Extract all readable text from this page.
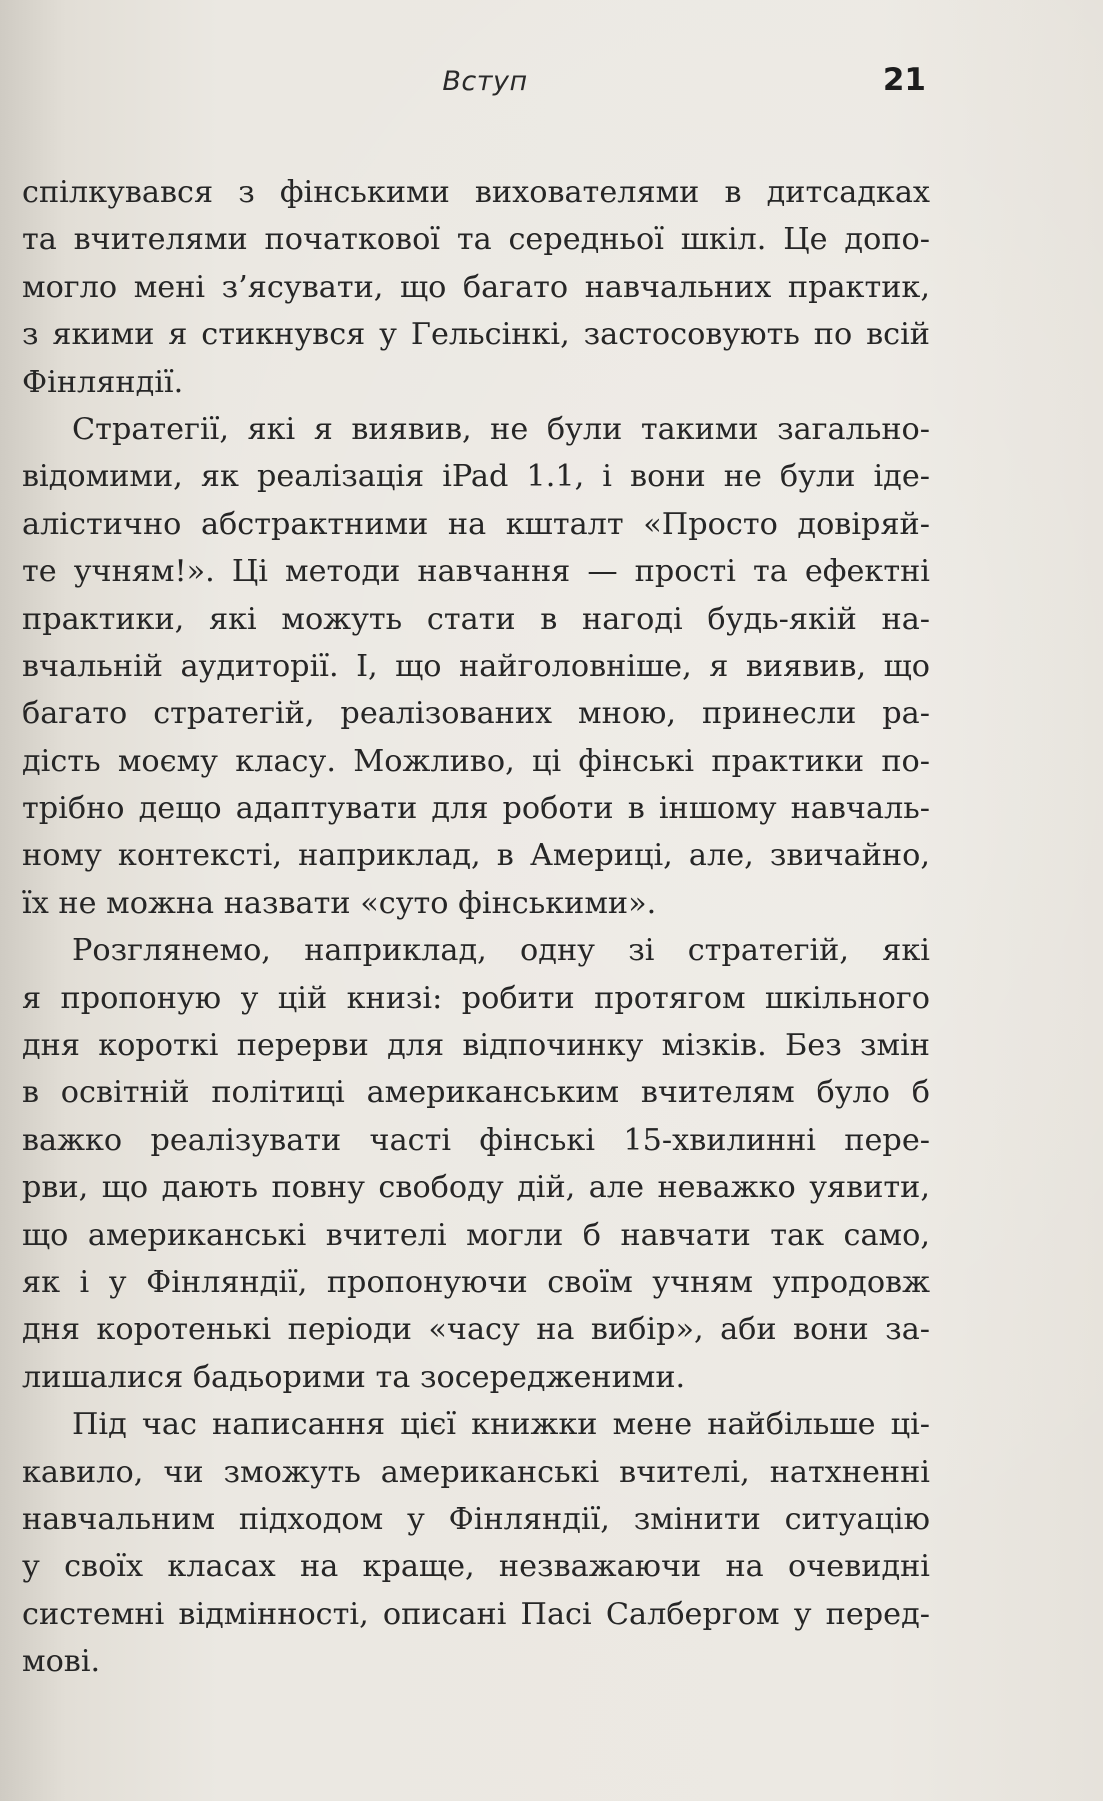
Вступ	21
спілкувався з фінськими вихователями в дитсадках
та вчителями початкової та середньої шкіл. Це допо-
могло мені з’ясувати, що багато навчальних практик,
з якими я стикнувся у Гельсінкі, застосовують по всій
Фінляндії.
Стратегії, які я виявив, не були такими загально-
відомими, як реалізація iPad 1.1, і вони не були іде-
алістично абстрактними на кшталт «Просто довіряй-
те учням!». Ці методи навчання — прості та ефектні
практики, які можуть стати в нагоді будь-якій на-
вчальній аудиторії. І, що найголовніше, я виявив, що
багато стратегій, реалізованих мною, принесли ра-
дість моєму класу. Можливо, ці фінські практики по-
трібно дещо адаптувати для роботи в іншому навчаль-
ному контексті, наприклад, в Америці, але, звичайно,
їх не можна назвати «суто фінськими».
Розглянемо, наприклад, одну зі стратегій, які
я пропоную у цій книзі: робити протягом шкільного
дня короткі перерви для відпочинку мізків. Без змін
в освітній політиці американським вчителям було б
важко реалізувати часті фінські 15-хвилинні пере-
рви, що дають повну свободу дій, але неважко уявити,
що американські вчителі могли б навчати так само,
як і у Фінляндії, пропонуючи своїм учням упродовж
дня коротенькі періоди «часу на вибір», аби вони за-
лишалися бадьорими та зосередженими.
Під час написання цієї книжки мене найбільше ці-
кавило, чи зможуть американські вчителі, натхненні
навчальним підходом у Фінляндії, змінити ситуацію
у своїх класах на краще, незважаючи на очевидні
системні відмінності, описані Пасі Салбергом у перед-
мові.
